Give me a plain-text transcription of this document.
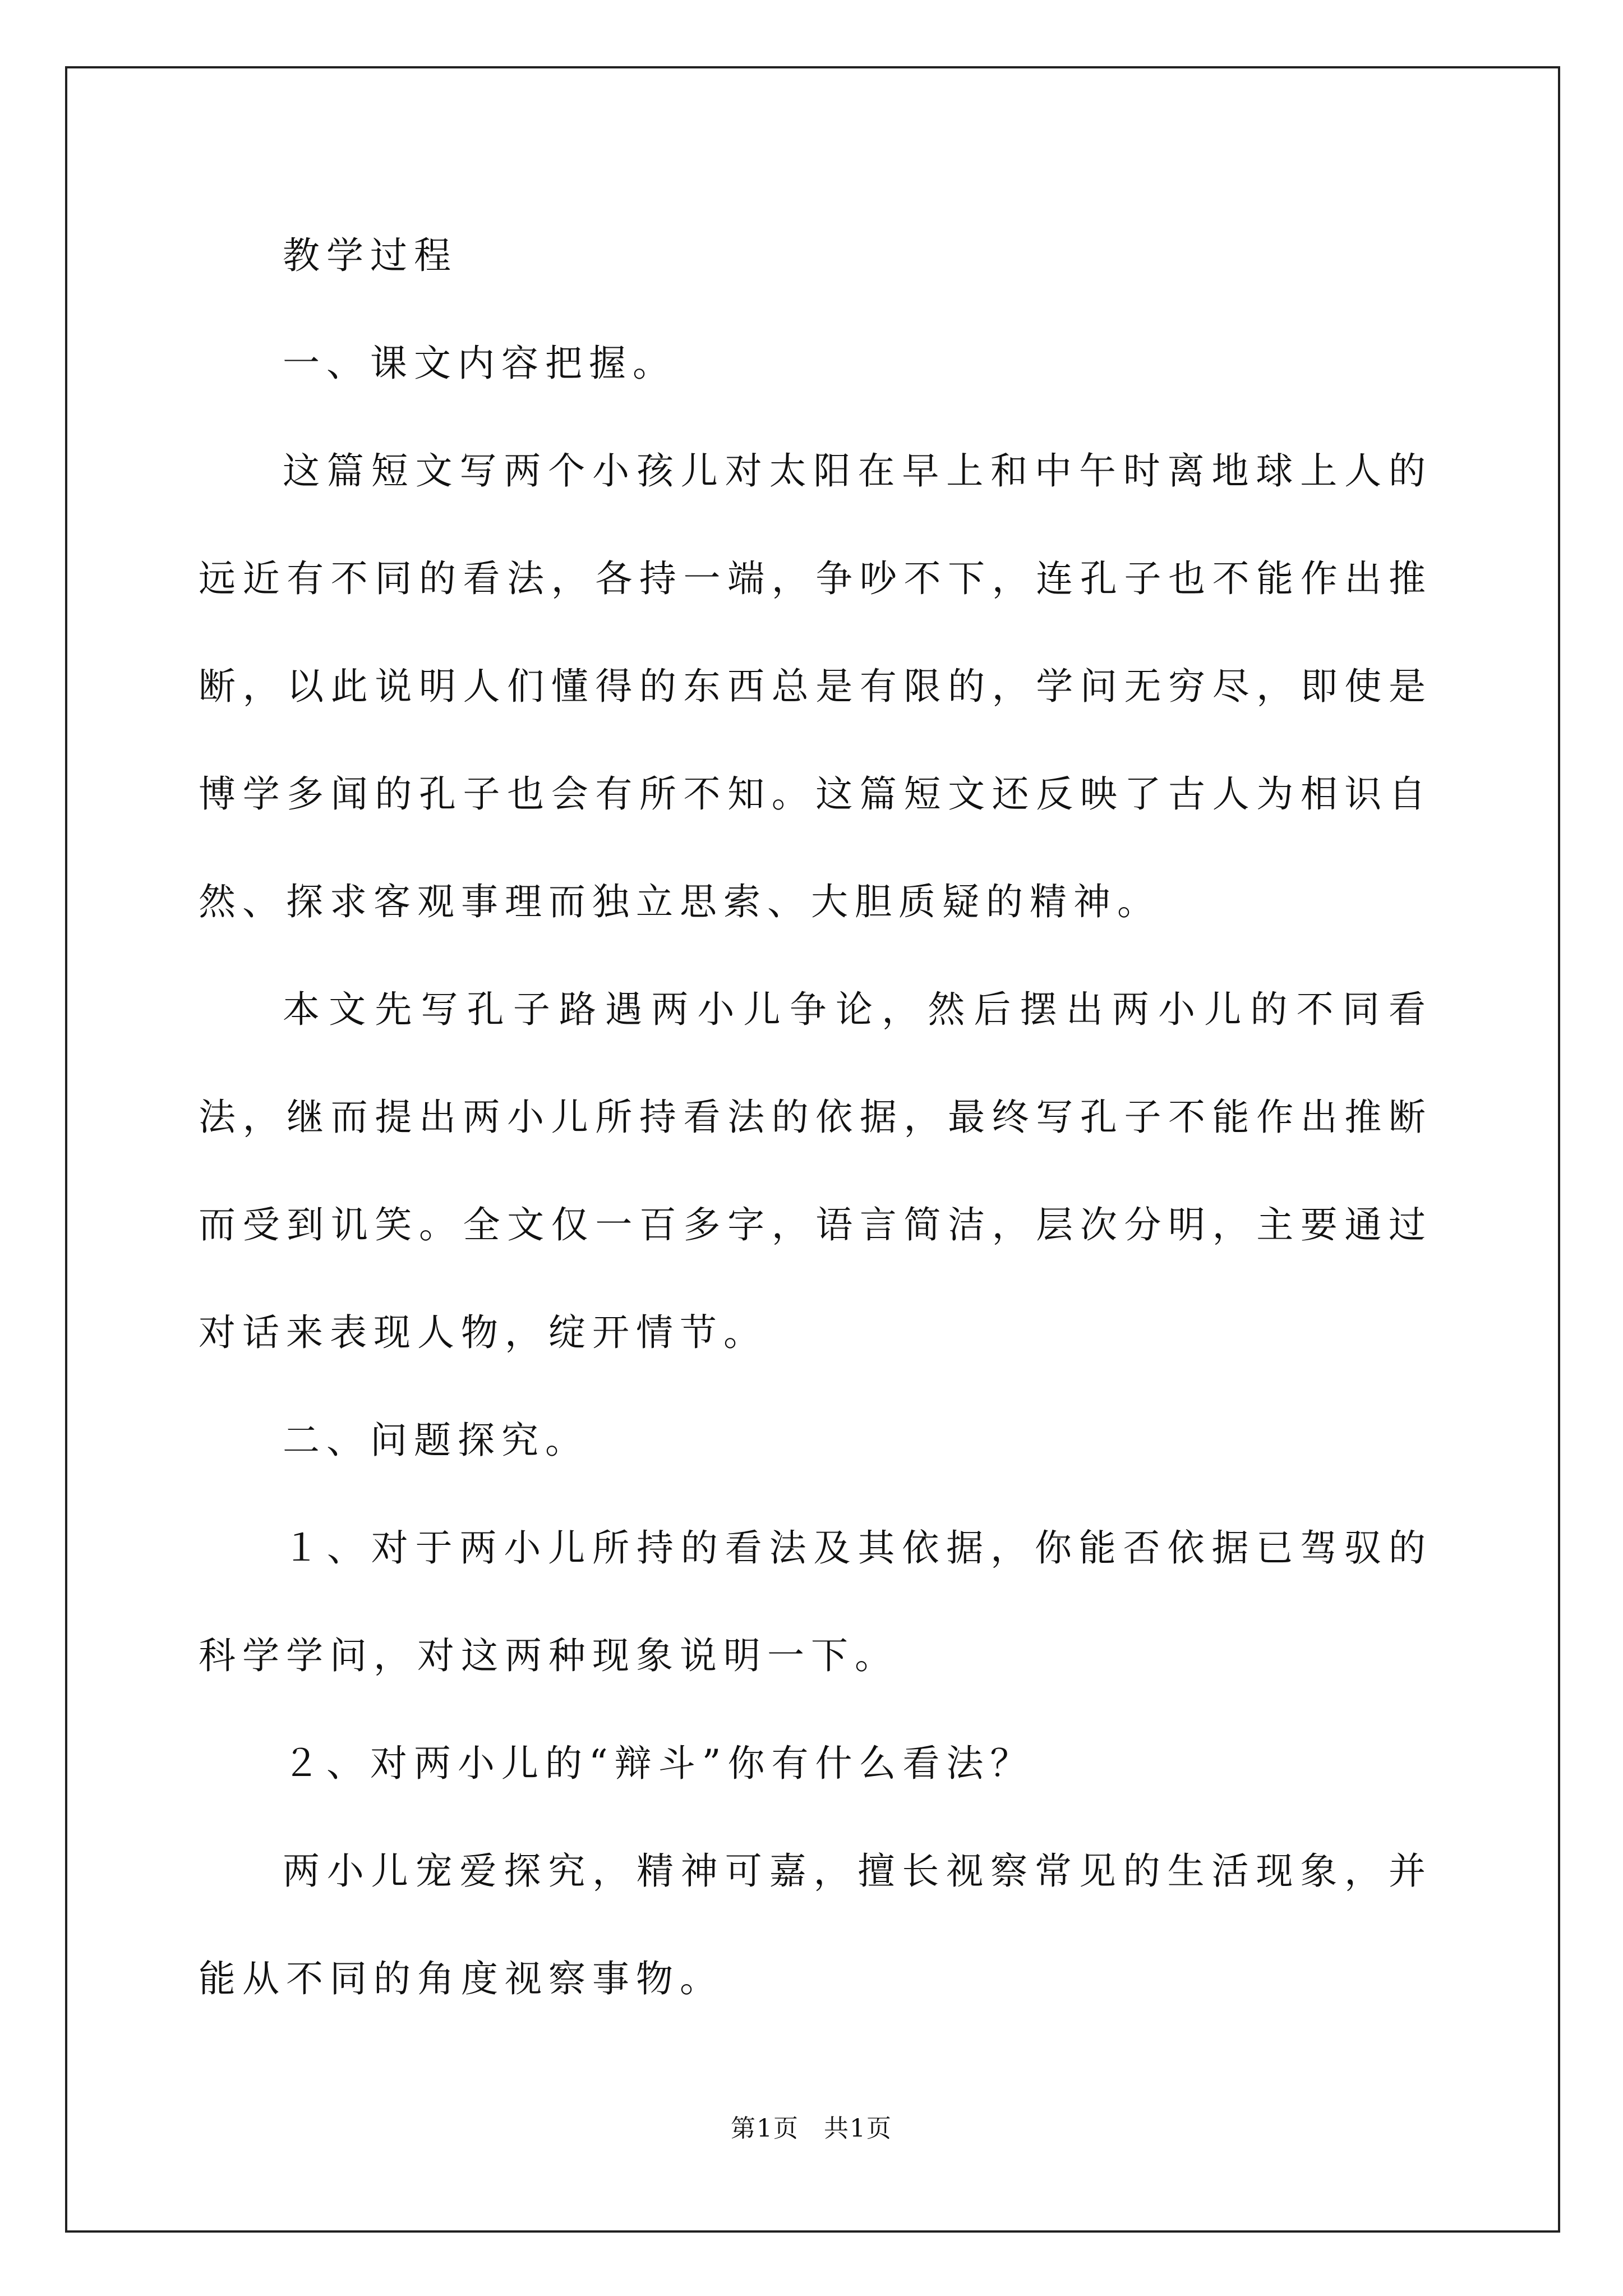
教学过程

一、课文内容把握。

这篇短文写两个小孩儿对太阳在早上和中午时离地球上人的远近有不同的看法，各持一端，争吵不下，连孔子也不能作出推断，以此说明人们懂得的东西总是有限的，学问无穷尽，即使是博学多闻的孔子也会有所不知。这篇短文还反映了古人为相识自然、探求客观事理而独立思索、大胆质疑的精神。

本文先写孔子路遇两小儿争论，然后摆出两小儿的不同看法，继而提出两小儿所持看法的依据，最终写孔子不能作出推断而受到讥笑。全文仅一百多字，语言简洁，层次分明，主要通过对话来表现人物，绽开情节。

二、问题探究。

１、对于两小儿所持的看法及其依据，你能否依据已驾驭的科学学问，对这两种现象说明一下。

２、对两小儿的“辩斗”你有什么看法？

两小儿宠爱探究，精神可嘉，擅长视察常见的生活现象，并能从不同的角度视察事物。

第1页 共1页
